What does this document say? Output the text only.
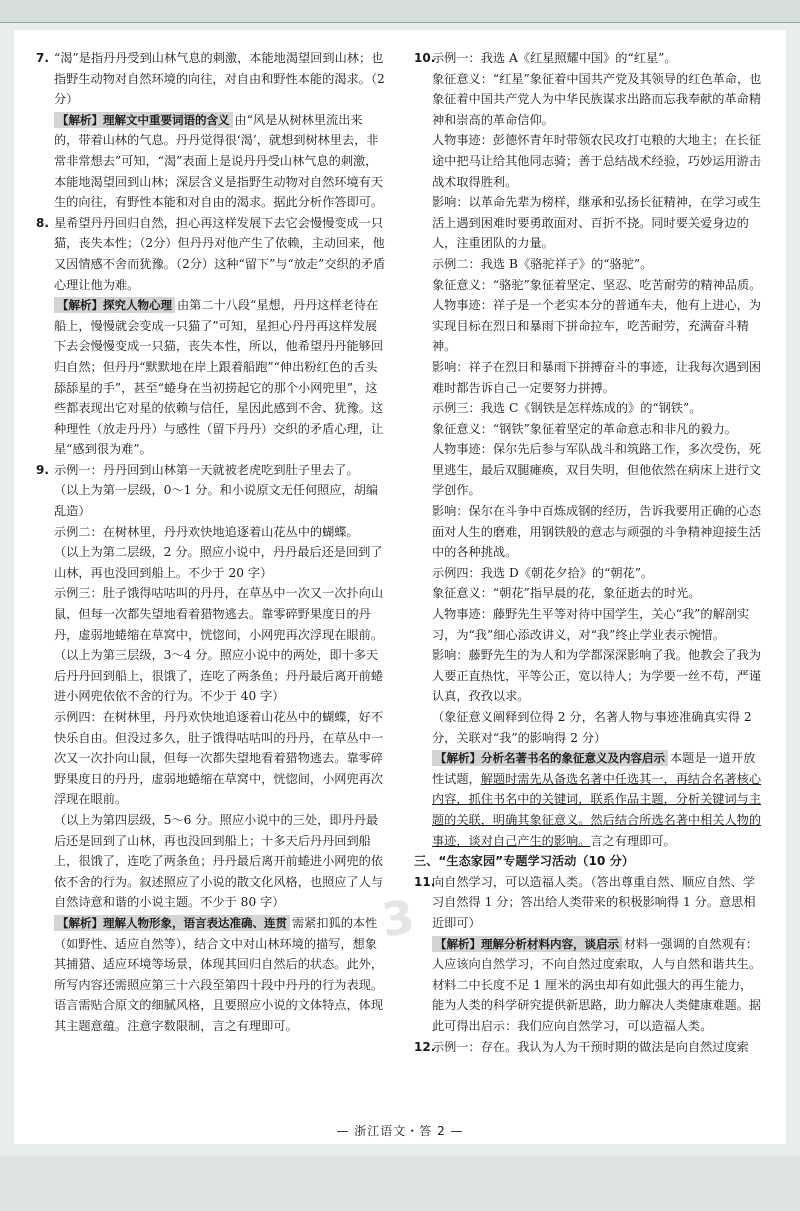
7. “渴”是指丹丹受到山林气息的刺激，本能地渴望回到山林；也指野生动物对自然环境的向往，对自由和野性本能的渴求。（2分）

【解析】理解文中重要词语的含义 由“风是从树林里流出来的，带着山林的气息。丹丹觉得很‘渴’，就想到树林里去，非常非常想去”可知，“渴”表面上是说丹丹受山林气息的刺激，本能地渴望回到山林；深层含义是指野生动物对自然环境有天生的向往，有野性本能和对自由的渴求。据此分析作答即可。

8. 星希望丹丹回归自然，担心再这样发展下去它会慢慢变成一只猫，丧失本性；（2分）但丹丹对他产生了依赖，主动回来，他又因情感不舍而犹豫。（2分）这种“留下”与“放走”交织的矛盾心理让他为难。

【解析】探究人物心理 由第二十八段“星想，丹丹这样老待在船上，慢慢就会变成一只猫了”可知，星担心丹丹再这样发展下去会慢慢变成一只猫，丧失本性，所以，他希望丹丹能够回归自然；但丹丹“默默地在岸上跟着船跑”“伸出粉红色的舌头舔舔星的手”，甚至“蜷身在当初捞起它的那个小网兜里”，这些都表现出它对星的依赖与信任，星因此感到不舍、犹豫。这种理性（放走丹丹）与感性（留下丹丹）交织的矛盾心理，让星“感到很为难”。

9. 示例一：丹丹回到山林第一天就被老虎吃到肚子里去了。

（以上为第一层级，0～1 分。和小说原文无任何照应，胡编乱造）

示例二：在树林里，丹丹欢快地追逐着山花丛中的蝴蝶。

（以上为第二层级，2 分。照应小说中，丹丹最后还是回到了山林，再也没回到船上。不少于 20 字）

示例三：肚子饿得咕咕叫的丹丹，在草丛中一次又一次扑向山鼠，但每一次都失望地看着猎物逃去。靠零碎野果度日的丹丹，虚弱地蜷缩在草窝中，恍惚间，小网兜再次浮现在眼前。

（以上为第三层级，3～4 分。照应小说中的两处，即十多天后丹丹回到船上，很饿了，连吃了两条鱼；丹丹最后离开前蜷进小网兜依依不舍的行为。不少于 40 字）

示例四：在树林里，丹丹欢快地追逐着山花丛中的蝴蝶，好不快乐自由。但没过多久，肚子饿得咕咕叫的丹丹，在草丛中一次又一次扑向山鼠，但每一次都失望地看着猎物逃去。靠零碎野果度日的丹丹，虚弱地蜷缩在草窝中，恍惚间，小网兜再次浮现在眼前。

（以上为第四层级，5～6 分。照应小说中的三处，即丹丹最后还是回到了山林，再也没回到船上；十多天后丹丹回到船上，很饿了，连吃了两条鱼；丹丹最后离开前蜷进小网兜的依依不舍的行为。叙述照应了小说的散文化风格，也照应了人与自然诗意和谐的小说主题。不少于 80 字）

【解析】理解人物形象，语言表达准确、连贯 需紧扣狐的本性（如野性、适应自然等），结合文中对山林环境的描写，想象其捕猎、适应环境等场景，体现其回归自然后的状态。此外，所写内容还需照应第三十六段至第四十段中丹丹的行为表现。语言需贴合原文的细腻风格，且要照应小说的文体特点，体现其主题意蕴。注意字数限制，言之有理即可。

10.

示例一：我选 A《红星照耀中国》的“红星”。

象征意义：“红星”象征着中国共产党及其领导的红色革命，也象征着中国共产党人为中华民族谋求出路而忘我奉献的革命精神和崇高的革命信仰。

人物事迹：彭德怀青年时带领农民攻打屯粮的大地主；在长征途中把马让给其他同志骑；善于总结战术经验，巧妙运用游击战术取得胜利。

影响：以革命先辈为榜样，继承和弘扬长征精神，在学习或生活上遇到困难时要勇敢面对、百折不挠。同时要关爱身边的人，注重团队的力量。

示例二：我选 B《骆驼祥子》的“骆驼”。

象征意义：“骆驼”象征着坚定、坚忍、吃苦耐劳的精神品质。

人物事迹：祥子是一个老实本分的普通车夫，他有上进心，为实现目标在烈日和暴雨下拼命拉车，吃苦耐劳，充满奋斗精神。

影响：祥子在烈日和暴雨下拼搏奋斗的事迹，让我每次遇到困难时都告诉自己一定要努力拼搏。

示例三：我选 C《钢铁是怎样炼成的》的“钢铁”。

象征意义：“钢铁”象征着坚定的革命意志和非凡的毅力。

人物事迹：保尔先后参与军队战斗和筑路工作，多次受伤，死里逃生，最后双腿瘫痪，双目失明，但他依然在病床上进行文学创作。

影响：保尔在斗争中百炼成钢的经历，告诉我要用正确的心态面对人生的磨难，用钢铁般的意志与顽强的斗争精神迎接生活中的各种挑战。

示例四：我选 D《朝花夕拾》的“朝花”。

象征意义：“朝花”指早晨的花，象征逝去的时光。

人物事迹：藤野先生平等对待中国学生，关心“我”的解剖实习，为“我”细心添改讲义，对“我”终止学业表示惋惜。

影响：藤野先生的为人和为学都深深影响了我。他教会了我为人要正直热忱，平等公正，宽以待人；为学要一丝不苟，严谨认真，孜孜以求。

（象征意义阐释到位得 2 分，名著人物与事迹准确真实得 2 分，关联对“我”的影响得 2 分）

【解析】分析名著书名的象征意义及内容启示 本题是一道开放性试题，解题时需先从备选名著中任选其一，再结合名著核心内容，抓住书名中的关键词，联系作品主题，分析关键词与主题的关联，明确其象征意义。然后结合所选名著中相关人物的事迹，谈对自己产生的影响。言之有理即可。

三、“生态家园”专题学习活动（10 分）

11.

向自然学习，可以造福人类。（答出尊重自然、顺应自然、学习自然得 1 分；答出给人类带来的积极影响得 1 分。意思相近即可）

【解析】理解分析材料内容，谈启示 材料一强调的自然观有：人应该向自然学习，不向自然过度索取，人与自然和谐共生。材料二中长度不足 1 厘米的涡虫却有如此强大的再生能力，能为人类的科学研究提供新思路，助力解决人类健康难题。据此可得出启示：我们应向自然学习，可以造福人类。

12.

示例一：存在。我认为人为干预时期的做法是向自然过度索

— 浙江语文・答 2 —
3
